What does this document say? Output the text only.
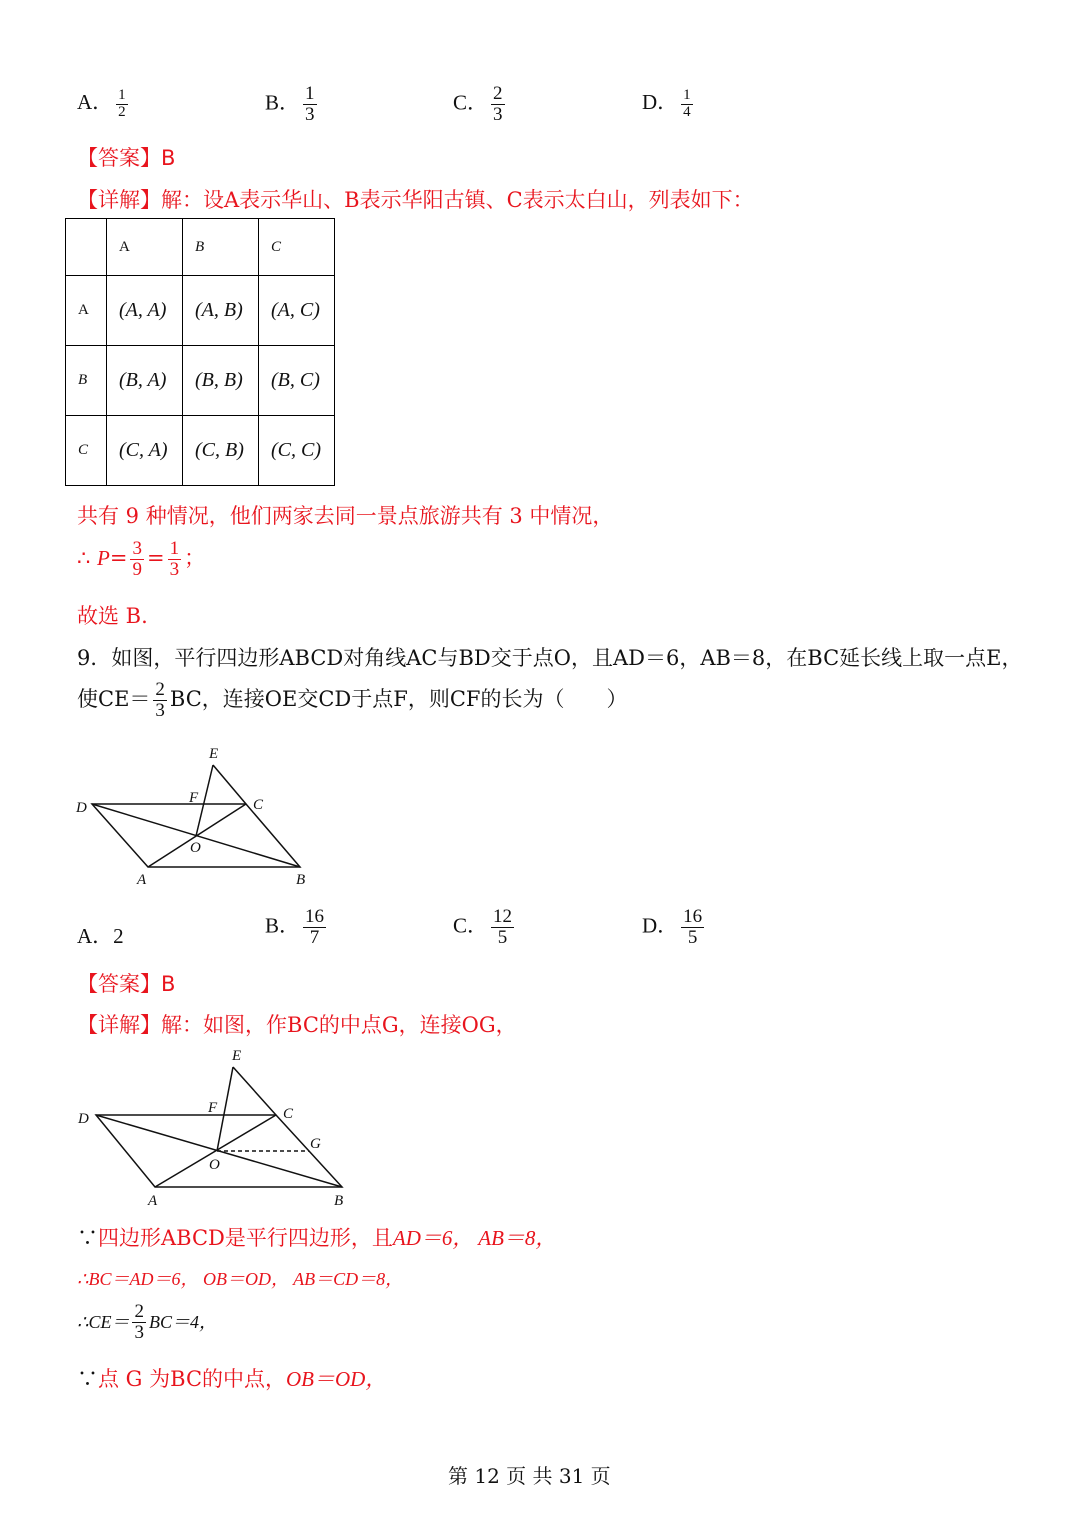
A． $\frac{1}{2}$	B． $\frac{1}{3}$	C． $\frac{2}{3}$	D． $\frac{1}{4}$
【答案】B
【详解】解：设A表示华山、B表示华阳古镇、C表示太白山，列表如下：
	A	B	C
A	(A, A)	(A, B)	(A, C)
B	(B, A)	(B, B)	(B, C)
C	(C, A)	(C, B)	(C, C)
共有 9 种情况，他们两家去同一景点旅游共有 3 中情况，
∴ $P= \frac{3}{9} = \frac{1}{3}$ ；
故选 B.
9．如图，平行四边形ABCD对角线AC与BD交于点O，且AD＝6，AB＝8，在BC延长线上取一点E，
使$CE= \frac{2}{3}$ BC，连接OE交CD于点F，则CF的长为（　　）
E
F	C
D
O
A	B
A．2	B． $\frac{16}{7}$	C． $\frac{12}{5}$	D． $\frac{16}{5}$
【答案】B
【详解】解：如图，作BC的中点G，连接OG，
E
F	C
D
O
G
A	B
∵四边形ABCD是平行四边形，且AD＝6， AB＝8，
∴BC＝AD＝6， OB＝OD， AB＝CD＝8，
∴CE＝ $\frac{2}{3} BC=4$，
∵点 G 为BC的中点，OB＝OD，
第 12 页 共 31 页
